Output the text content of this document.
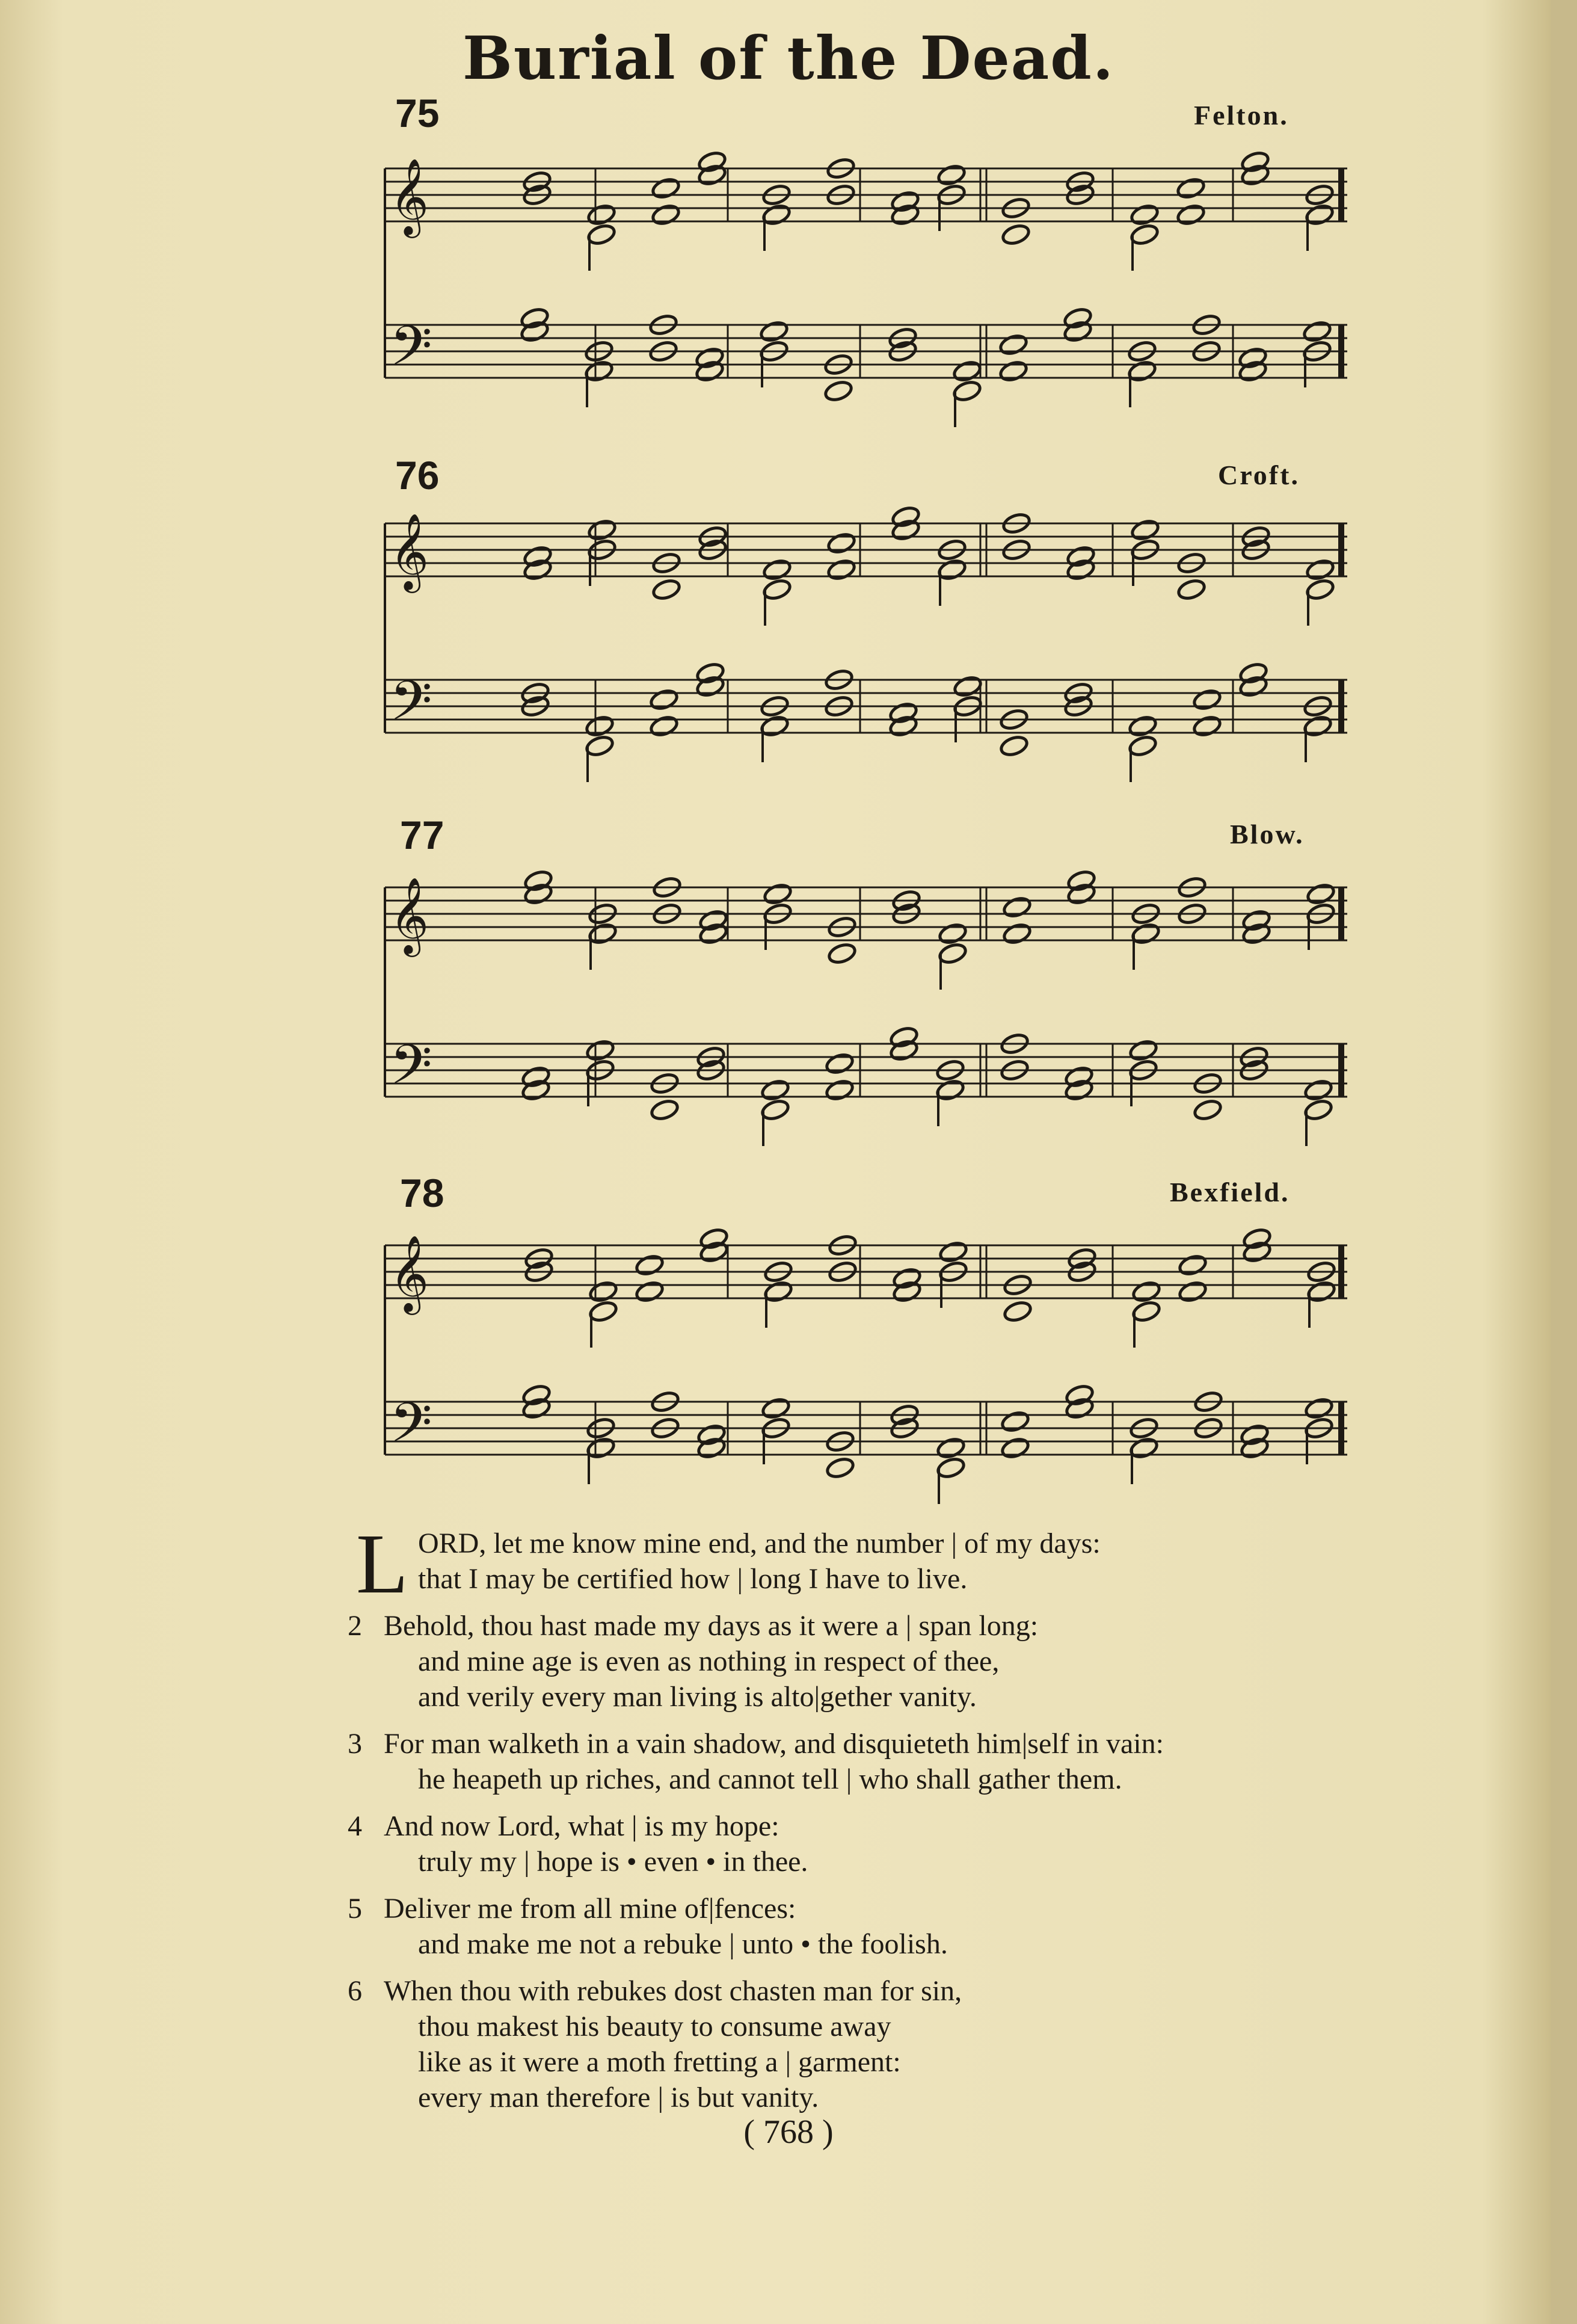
Burial of the Dead.
75	Felton.
𝄞
𝄢
76	Croft.
𝄞
𝄢
77	Blow.
𝄞
𝄢
78	Bexfield.
𝄞
𝄢
L ORD, let me know mine end, and the number | of my days:
that I may be certified how | long I have to live.
2 Behold, thou hast made my days as it were a | span long:
and mine age is even as nothing in respect of thee,
and verily every man living is alto|gether vanity.
3 For man walketh in a vain shadow, and disquieteth him|self in vain:
he heapeth up riches, and cannot tell | who shall gather them.
4 And now Lord, what | is my hope:
truly my | hope is • even • in thee.
5 Deliver me from all mine of|fences:
and make me not a rebuke | unto • the foolish.
6 When thou with rebukes dost chasten man for sin,
thou makest his beauty to consume away
like as it were a moth fretting a | garment:
every man therefore | is but vanity.
( 768 )
